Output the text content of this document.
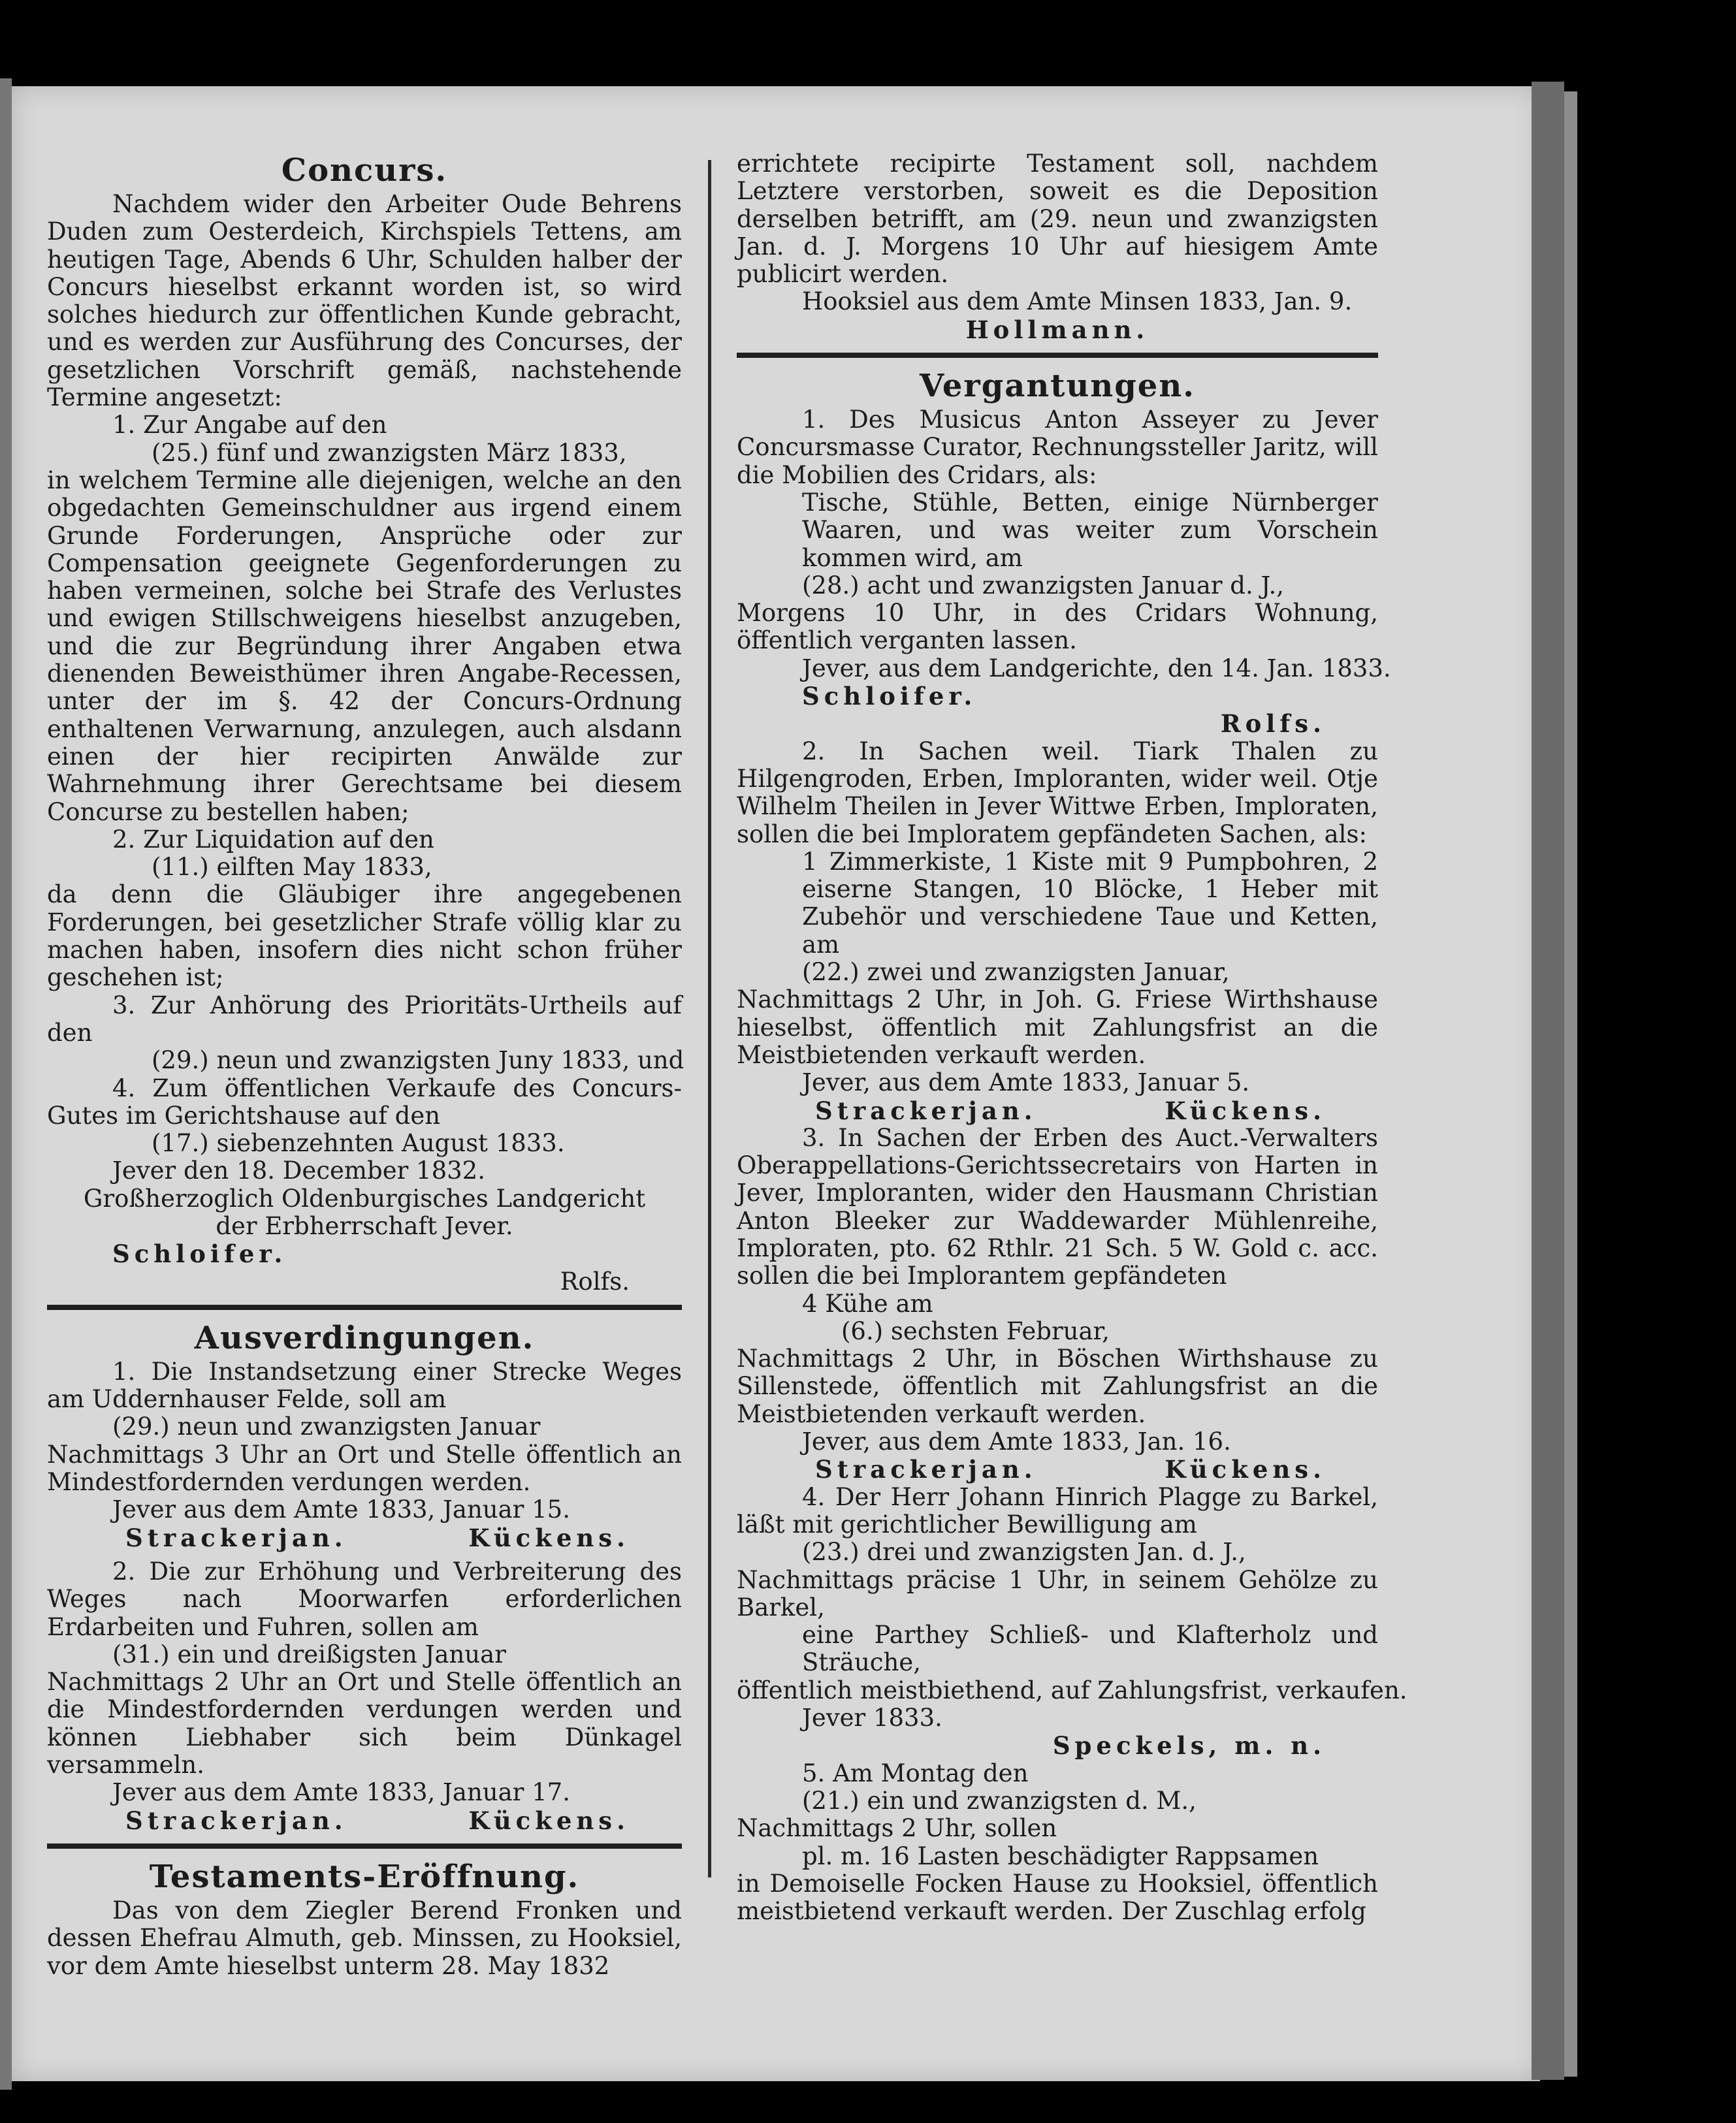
Concurs.

Nachdem wider den Arbeiter Oude Behrens Duden zum Oesterdeich, Kirchspiels Tettens, am heutigen Tage, Abends 6 Uhr, Schulden halber der Concurs hieselbst erkannt worden ist, so wird solches hiedurch zur öffentlichen Kunde gebracht, und es werden zur Ausführung des Concurses, der gesetzlichen Vorschrift gemäß, nachstehende Termine angesetzt:

1. Zur Angabe auf den

(25.) fünf und zwanzigsten März 1833,

in welchem Termine alle diejenigen, welche an den obgedachten Gemeinschuldner aus irgend einem Grunde Forderungen, Ansprüche oder zur Compensation geeignete Gegenforderungen zu haben vermeinen, solche bei Strafe des Verlustes und ewigen Stillschweigens hieselbst anzugeben, und die zur Begründung ihrer Angaben etwa dienenden Beweisthümer ihren Angabe-Recessen, unter der im §. 42 der Concurs-Ordnung enthaltenen Verwarnung, anzulegen, auch alsdann einen der hier recipirten Anwälde zur Wahrnehmung ihrer Gerechtsame bei diesem Concurse zu bestellen haben;

2. Zur Liquidation auf den

(11.) eilften May 1833,

da denn die Gläubiger ihre angegebenen Forderungen, bei gesetzlicher Strafe völlig klar zu machen haben, insofern dies nicht schon früher geschehen ist;

3. Zur Anhörung des Prioritäts-Urtheils auf den

(29.) neun und zwanzigsten Juny 1833, und

4. Zum öffentlichen Verkaufe des Concurs-Gutes im Gerichtshause auf den

(17.) siebenzehnten August 1833.

Jever den 18. December 1832.

Großherzoglich Oldenburgisches Landgericht

der Erbherrschaft Jever.

Schloifer.

Rolfs.

Ausverdingungen.

1. Die Instandsetzung einer Strecke Weges am Uddernhauser Felde, soll am

(29.) neun und zwanzigsten Januar

Nachmittags 3 Uhr an Ort und Stelle öffentlich an Mindestfordernden verdungen werden.

Jever aus dem Amte 1833, Januar 15.

Strackerjan.	Kückens.

2. Die zur Erhöhung und Verbreiterung des Weges nach Moorwarfen erforderlichen Erdarbeiten und Fuhren, sollen am

(31.) ein und dreißigsten Januar

Nachmittags 2 Uhr an Ort und Stelle öffentlich an die Mindestfordernden verdungen werden und können Liebhaber sich beim Dünkagel versammeln.

Jever aus dem Amte 1833, Januar 17.

Strackerjan.	Kückens.
Testaments-Eröffnung.

Das von dem Ziegler Berend Fronken und dessen Ehefrau Almuth, geb. Minssen, zu Hooksiel, vor dem Amte hieselbst unterm 28. May 1832

errichtete recipirte Testament soll, nachdem Letztere verstorben, soweit es die Deposition derselben betrifft, am (29. neun und zwanzigsten Jan. d. J. Morgens 10 Uhr auf hiesigem Amte publicirt werden.

Hooksiel aus dem Amte Minsen 1833, Jan. 9.

Hollmann.

Vergantungen.

1. Des Musicus Anton Asseyer zu Jever Concursmasse Curator, Rechnungssteller Jaritz, will die Mobilien des Cridars, als:

Tische, Stühle, Betten, einige Nürnberger Waaren, und was weiter zum Vorschein kommen wird, am

(28.) acht und zwanzigsten Januar d. J.,

Morgens 10 Uhr, in des Cridars Wohnung, öffentlich verganten lassen.

Jever, aus dem Landgerichte, den 14. Jan. 1833.

Schloifer.

Rolfs.

2. In Sachen weil. Tiark Thalen zu Hilgengroden, Erben, Imploranten, wider weil. Otje Wilhelm Theilen in Jever Wittwe Erben, Imploraten, sollen die bei Imploratem gepfändeten Sachen, als:

1 Zimmerkiste, 1 Kiste mit 9 Pumpbohren, 2 eiserne Stangen, 10 Blöcke, 1 Heber mit Zubehör und verschiedene Taue und Ketten, am

(22.) zwei und zwanzigsten Januar,

Nachmittags 2 Uhr, in Joh. G. Friese Wirthshause hieselbst, öffentlich mit Zahlungsfrist an die Meistbietenden verkauft werden.

Jever, aus dem Amte 1833, Januar 5.

Strackerjan.	Kückens.

3. In Sachen der Erben des Auct.-Verwalters Oberappellations-Gerichtssecretairs von Harten in Jever, Imploranten, wider den Hausmann Christian Anton Bleeker zur Waddewarder Mühlenreihe, Imploraten, pto. 62 Rthlr. 21 Sch. 5 W. Gold c. acc. sollen die bei Implorantem gepfändeten

4 Kühe am

(6.) sechsten Februar,

Nachmittags 2 Uhr, in Böschen Wirthshause zu Sillenstede, öffentlich mit Zahlungsfrist an die Meistbietenden verkauft werden.

Jever, aus dem Amte 1833, Jan. 16.

Strackerjan.	Kückens.

4. Der Herr Johann Hinrich Plagge zu Barkel, läßt mit gerichtlicher Bewilligung am

(23.) drei und zwanzigsten Jan. d. J.,

Nachmittags präcise 1 Uhr, in seinem Gehölze zu Barkel,

eine Parthey Schließ- und Klafterholz und Sträuche,

öffentlich meistbiethend, auf Zahlungsfrist, verkaufen.

Jever 1833.

Speckels, m. n.

5. Am Montag den

(21.) ein und zwanzigsten d. M.,

Nachmittags 2 Uhr, sollen

pl. m. 16 Lasten beschädigter Rappsamen

in Demoiselle Focken Hause zu Hooksiel, öffentlich meistbietend verkauft werden. Der Zuschlag erfolg
